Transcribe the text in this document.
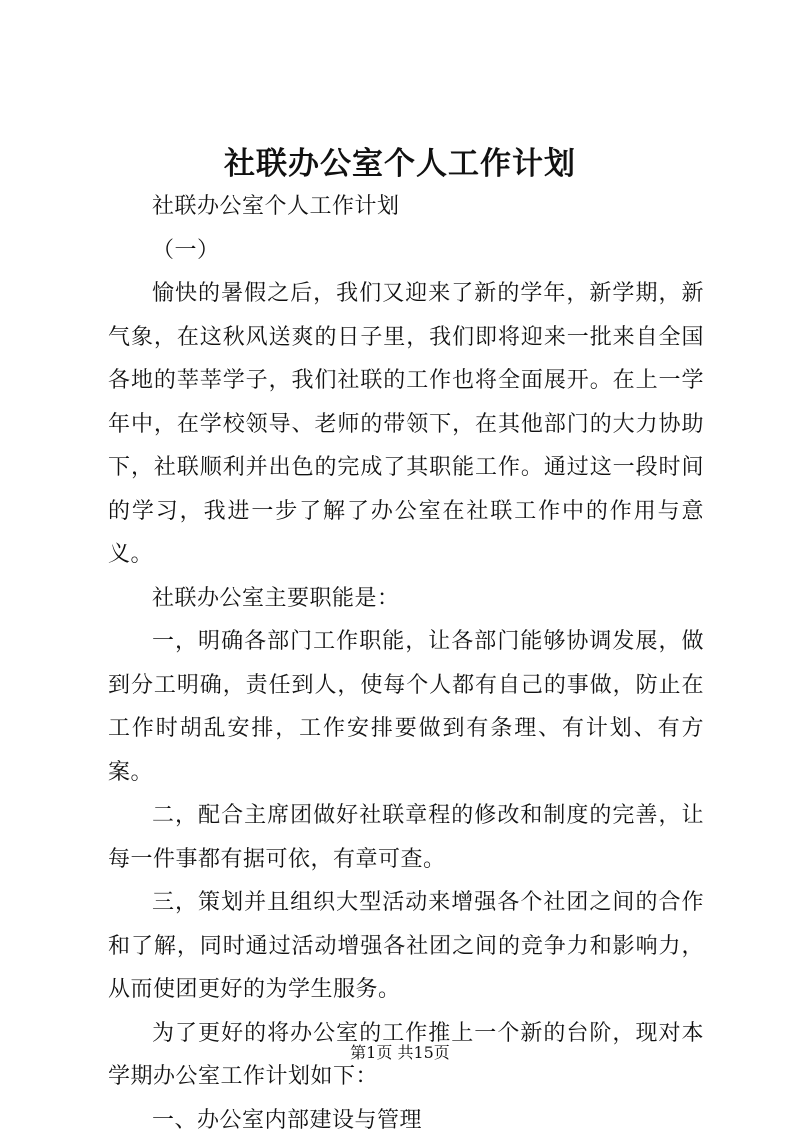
社联办公室个人工作计划

社联办公室个人工作计划

（一）

愉快的暑假之后，我们又迎来了新的学年，新学期，新气象，在这秋风送爽的日子里，我们即将迎来一批来自全国各地的莘莘学子，我们社联的工作也将全面展开。在上一学年中，在学校领导、老师的带领下，在其他部门的大力协助下，社联顺利并出色的完成了其职能工作。通过这一段时间的学习，我进一步了解了办公室在社联工作中的作用与意义。

社联办公室主要职能是：

一，明确各部门工作职能，让各部门能够协调发展，做到分工明确，责任到人，使每个人都有自己的事做，防止在工作时胡乱安排，工作安排要做到有条理、有计划、有方案。

二，配合主席团做好社联章程的修改和制度的完善，让每一件事都有据可依，有章可查。

三，策划并且组织大型活动来增强各个社团之间的合作和了解，同时通过活动增强各社团之间的竞争力和影响力，从而使团更好的为学生服务。

为了更好的将办公室的工作推上一个新的台阶，现对本学期办公室工作计划如下：

一、办公室内部建设与管理

第1页 共15页
